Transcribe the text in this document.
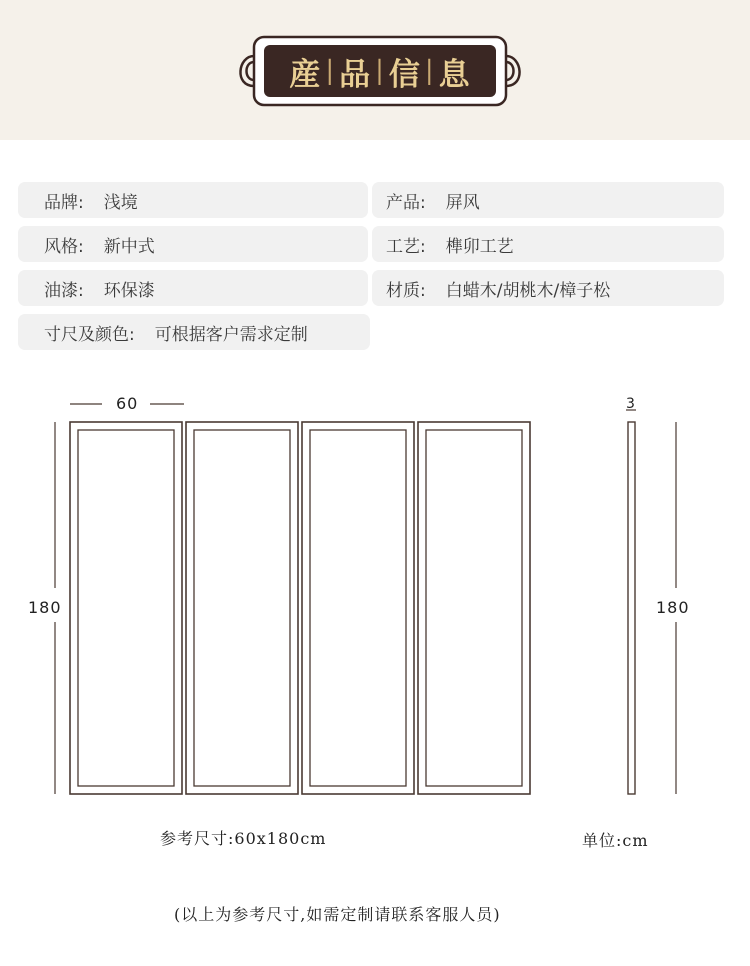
産 | 品 | 信 | 息
品牌: 浅境	产品: 屏风
风格: 新中式	工艺: 榫卯工艺
油漆: 环保漆	材质: 白蜡木/胡桃木/樟子松
寸尺及颜色: 可根据客户需求定制
60
180
3
180
参考尺寸:60x180cm	单位:cm
(以上为参考尺寸,如需定制请联系客服人员)
